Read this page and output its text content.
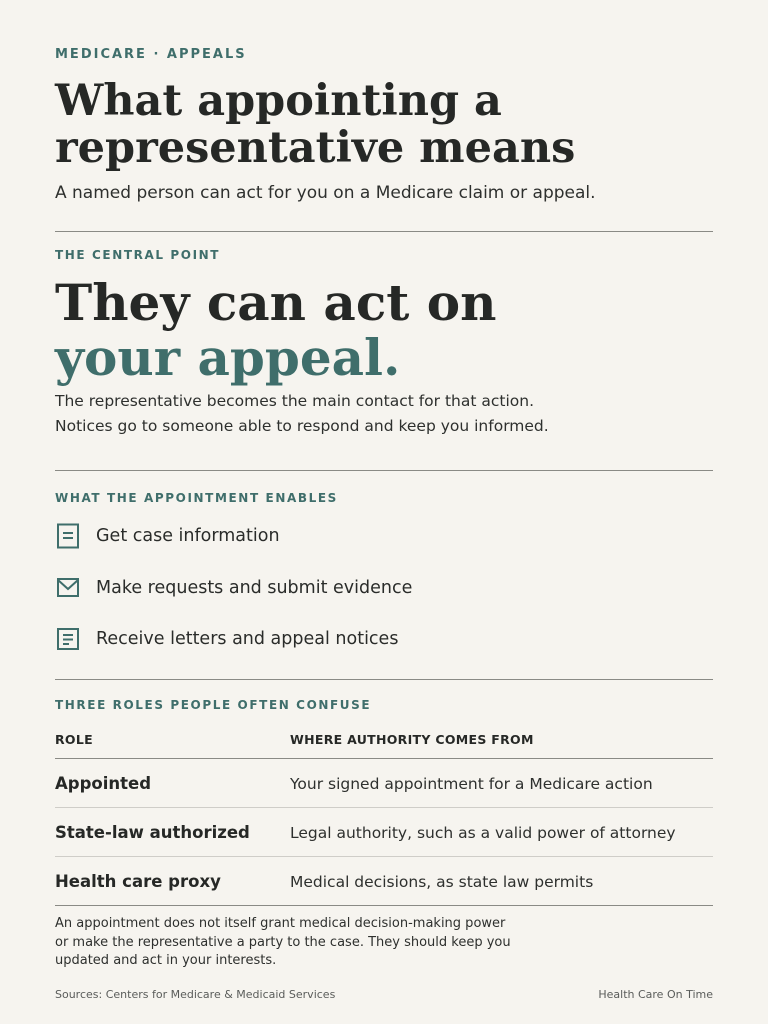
MEDICARE · APPEALS
What appointing a
representative means
A named person can act for you on a Medicare claim or appeal.
THE CENTRAL POINT
They can act on
your appeal.
The representative becomes the main contact for that action.
Notices go to someone able to respond and keep you informed.
WHAT THE APPOINTMENT ENABLES
Get case information
Make requests and submit evidence
Receive letters and appeal notices
THREE ROLES PEOPLE OFTEN CONFUSE
ROLE	WHERE AUTHORITY COMES FROM
Appointed	Your signed appointment for a Medicare action
State-law authorized	Legal authority, such as a valid power of attorney
Health care proxy	Medical decisions, as state law permits
An appointment does not itself grant medical decision-making power
or make the representative a party to the case. They should keep you
updated and act in your interests.
Sources: Centers for Medicare & Medicaid Services	Health Care On Time
